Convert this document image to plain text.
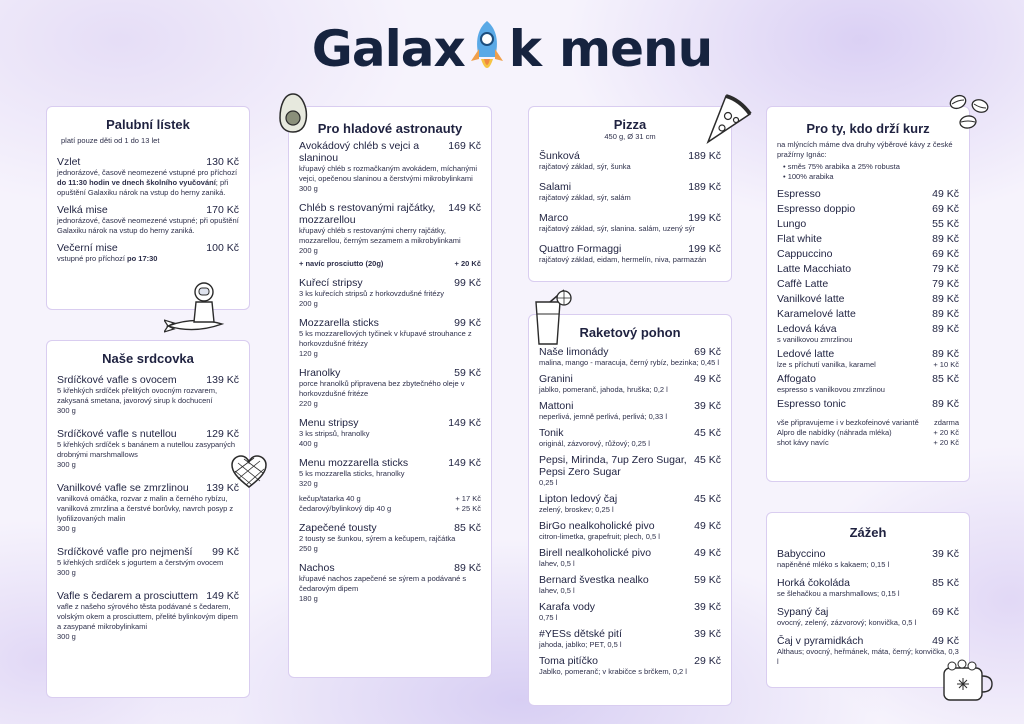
Galax k menu
Palubní lístek
platí pouze děti od 1 do 13 let
Vzlet	130 Kč
jednorázové, časově neomezené vstupné pro příchozí do 11:30 hodin ve dnech školního vyučování; při opuštění Galaxiku nárok na vstup do herny zaniká.
Velká mise	170 Kč
jednorázové, časově neomezené vstupné; při opuštění Galaxiku nárok na vstup do herny zaniká.
Večerní mise	100 Kč
vstupné pro příchozí po 17:30
Naše srdcovka
Srdíčkové vafle s ovocem	139 Kč
5 křehkých srdíček přelitých ovocným rozvarem, zakysaná smetana, javorový sirup k dochucení
300 g
Srdíčkové vafle s nutellou	129 Kč
5 křehkých srdíček s banánem a nutellou zasypaných drobnými marshmallows
300 g
Vanilkové vafle se zmrzlinou 139 Kč
vanilková omáčka, rozvar z malin a černého rybízu, vanilková zmrzlina a čerstvé borůvky, navrch posyp z lyofilizovaných malin
300 g
Srdíčkové vafle pro nejmenší 99 Kč
5 křehkých srdíček s jogurtem a čerstvým ovocem
300 g
Vafle s čedarem a prosciuttem 149 Kč
vafle z našeho sýrového těsta podávané s čedarem, volským okem a prosciuttem, přelité bylinkovým dipem a zasypané mikrobylinkami
300 g
Pro hladové astronauty
Avokádový chléb s vejci a slaninou
169 Kč
křupavý chléb s rozmačkaným avokádem, míchanými vejci, opečenou slaninou a čerstvými mikrobylinkami
300 g
Chléb s restovanými rajčátky, mozzarellou
149 Kč
křupavý chléb s restovanými cherry rajčátky, mozzarellou, černým sezamem a mikrobylinkami
200 g
+ navíc prosciutto (20g)	+ 20 Kč
Kuřecí stripsy	99 Kč
3 ks kuřecích stripsů z horkovzdušné fritézy
200 g
Mozzarella sticks	99 Kč
5 ks mozzarellových tyčinek v křupavé strouhance z horkovzdušné fritézy
120 g
Hranolky	59 Kč
porce hranolků připravena bez zbytečného oleje v horkovzdušné fritéze
220 g
Menu stripsy	149 Kč
3 ks stripsů, hranolky
400 g
Menu mozzarella sticks	149 Kč
5 ks mozzarella sticks, hranolky
320 g
kečup/tatarka 40 g	+ 17 Kč
čedarový/bylinkový dip 40 g	+ 25 Kč
Zapečené tousty	85 Kč
2 tousty se šunkou, sýrem a kečupem, rajčátka
250 g
Nachos	89 Kč
křupavé nachos zapečené se sýrem a podávané s čedarovým dipem
180 g
Pizza
450 g, Ø 31 cm
Šunková	189 Kč
rajčatový základ, sýr, šunka
Salami	189 Kč
rajčatový základ, sýr, salám
Marco	199 Kč
rajčatový základ, sýr, slanina. salám, uzený sýr
Quattro Formaggi	199 Kč
rajčatový základ, eidam, hermelín, niva, parmazán
Raketový pohon
Naše limonády	69 Kč
malina, mango - maracuja, černý rybíz, bezinka; 0,45 l
Granini	49 Kč
jablko, pomeranč, jahoda, hruška; 0,2 l
Mattoni	39 Kč
neperlivá, jemně perlivá, perlivá; 0,33 l
Tonik	45 Kč
originál, zázvorový, růžový; 0,25 l
Pepsi, Mirinda, 7up Zero Sugar, Pepsi Zero Sugar
45 Kč
0,25 l
Lipton ledový čaj	45 Kč
zelený, broskev; 0,25 l
BirGo nealkoholické pivo	49 Kč
citron-limetka, grapefruit; plech, 0,5 l
Birell nealkoholické pivo	49 Kč
lahev, 0,5 l
Bernard švestka nealko	59 Kč
lahev, 0,5 l
Karafa vody	39 Kč
0,75 l
#YESs dětské pití	39 Kč
jahoda, jablko; PET, 0,5 l
Toma pitíčko	29 Kč
Jablko, pomeranč; v krabičce s brčkem, 0,2 l
Pro ty, kdo drží kurz
na mlýncích máme dva druhy výběrové kávy z české pražírny Ignác:
• směs 75% arabika a 25% robusta
• 100% arabika
Espresso	49 Kč
Espresso doppio	69 Kč
Lungo	55 Kč
Flat white	89 Kč
Cappuccino	69 Kč
Latte Macchiato	79 Kč
Caffè Latte	79 Kč
Vanilkové latte	89 Kč
Karamelové latte	89 Kč
Ledová káva	89 Kč
s vanilkovou zmrzlinou
Ledové latte	89 Kč
lze s příchutí vanilka, karamel	+ 10 Kč
Affogato	85 Kč
espresso s vanilkovou zmrzlinou
Espresso tonic	89 Kč
vše připravujeme i v bezkofeinové variantě zdarma
Alpro dle nabídky (náhrada mléka)	+ 20 Kč
shot kávy navíc	+ 20 Kč
Zážeh
Babyccino	39 Kč
napěněné mléko s kakaem; 0,15 l
Horká čokoláda	85 Kč
se šlehačkou a marshmallows; 0,15 l
Sypaný čaj	69 Kč
ovocný, zelený, zázvorový; konvička, 0,5 l
Čaj v pyramidkách	49 Kč
Althaus; ovocný, heřmánek, máta, černý; konvička, 0,3 l
